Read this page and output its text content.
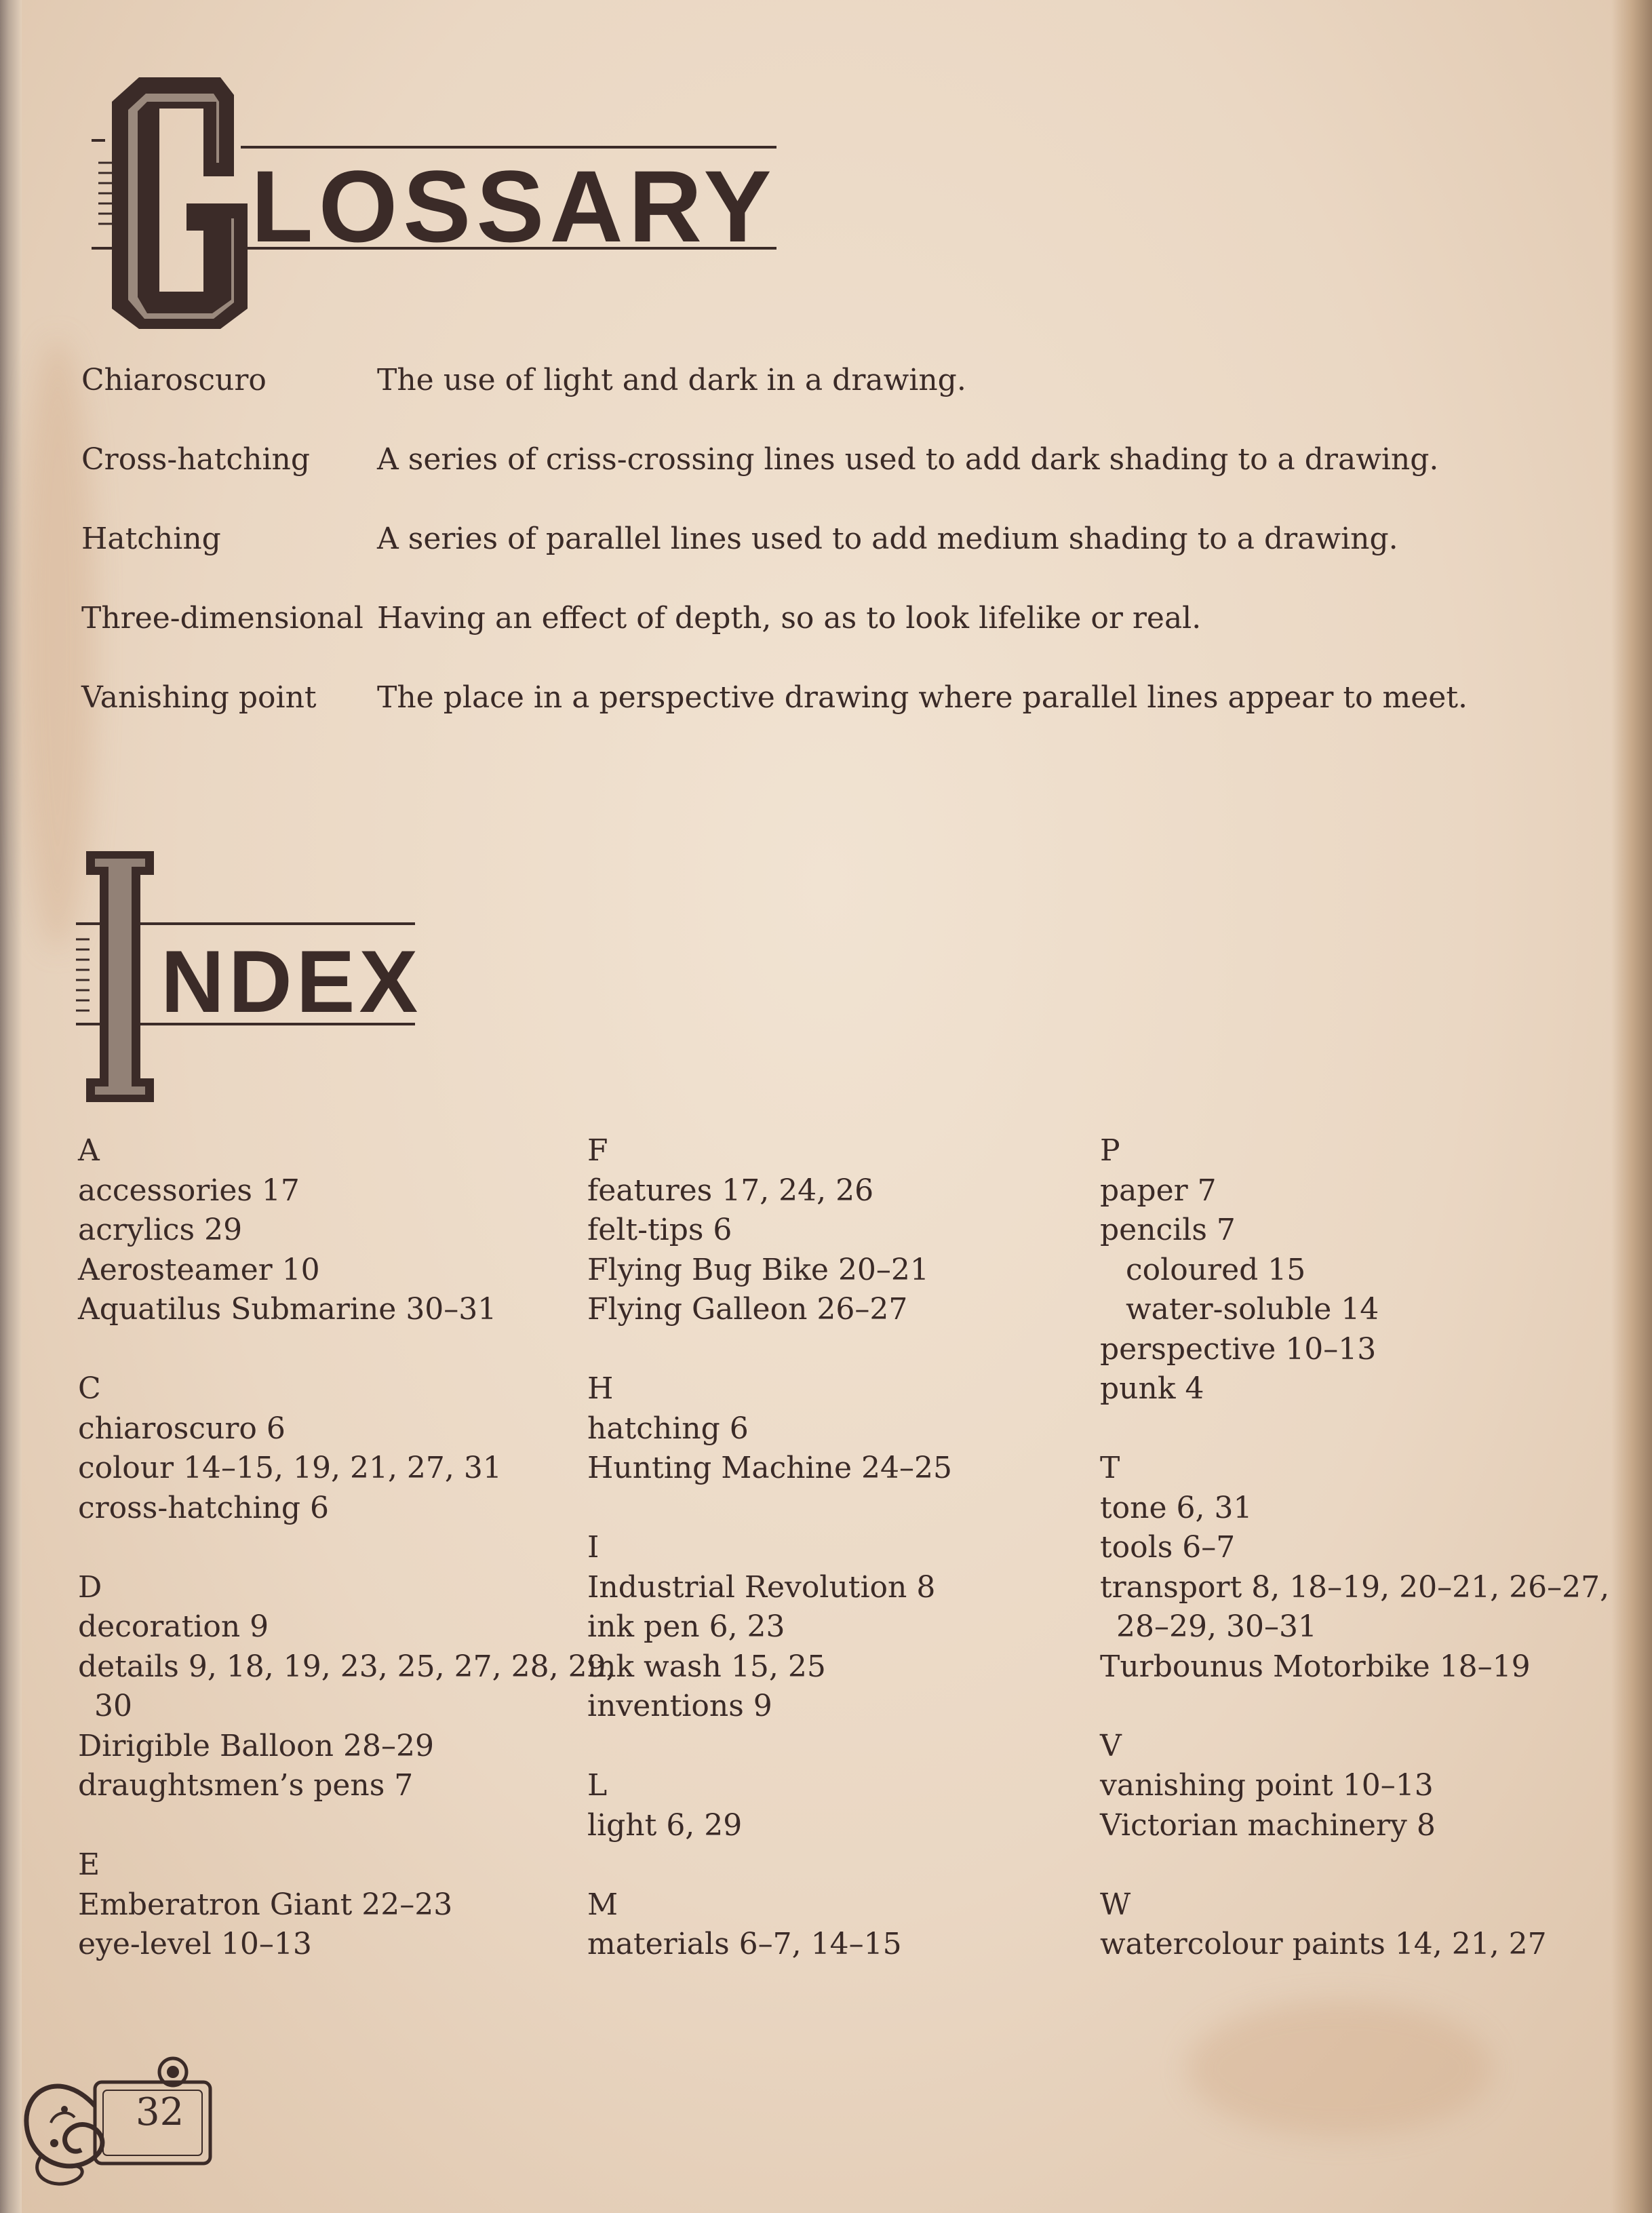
LOSSARY
Chiaroscuro	The use of light and dark in a drawing.
Cross-hatching A series of criss-crossing lines used to add dark shading to a drawing.
Hatching	A series of parallel lines used to add medium shading to a drawing.
Three-dimensional Having an effect of depth, so as to look lifelike or real.
Vanishing point The place in a perspective drawing where parallel lines appear to meet.
NDEX
A
accessories 17
acrylics 29
Aerosteamer 10
Aquatilus Submarine 30–31
C
chiaroscuro 6
colour 14–15, 19, 21, 27, 31
cross-hatching 6
D
decoration 9
details 9, 18, 19, 23, 25, 27, 28, 29,
30
Dirigible Balloon 28–29
draughtsmen’s pens 7
E
Emberatron Giant 22–23
eye-level 10–13
F
features 17, 24, 26
felt-tips 6
Flying Bug Bike 20–21
Flying Galleon 26–27
H
hatching 6
Hunting Machine 24–25
I
Industrial Revolution 8
ink pen 6, 23
ink wash 15, 25
inventions 9
L
light 6, 29
M
materials 6–7, 14–15
P
paper 7
pencils 7
coloured 15
water-soluble 14
perspective 10–13
punk 4
T
tone 6, 31
tools 6–7
transport 8, 18–19, 20–21, 26–27,
28–29, 30–31
Turbounus Motorbike 18–19
V
vanishing point 10–13
Victorian machinery 8
W
watercolour paints 14, 21, 27
32
